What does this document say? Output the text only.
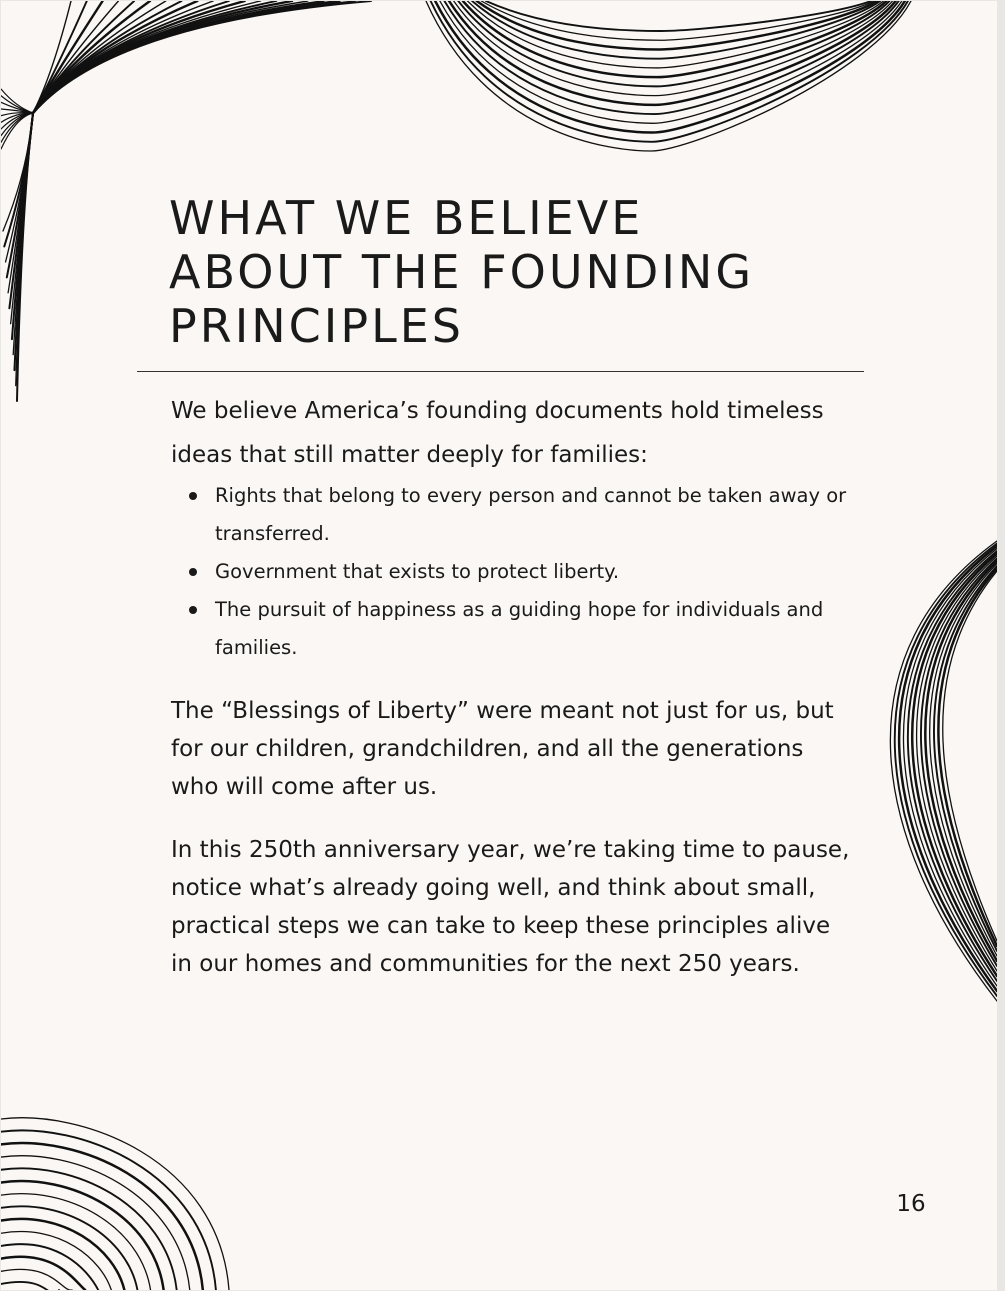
WHAT WE BELIEVE
ABOUT THE FOUNDING
PRINCIPLES

We believe America’s founding documents hold timeless ideas that still matter deeply for families:

Rights that belong to every person and cannot be taken away or transferred.
Government that exists to protect liberty.
The pursuit of happiness as a guiding hope for individuals and families.

The “Blessings of Liberty” were meant not just for us, but for our children, grandchildren, and all the generations who will come after us.

In this 250th anniversary year, we’re taking time to pause, notice what’s already going well, and think about small, practical steps we can take to keep these principles alive in our homes and communities for the next 250 years.

16
